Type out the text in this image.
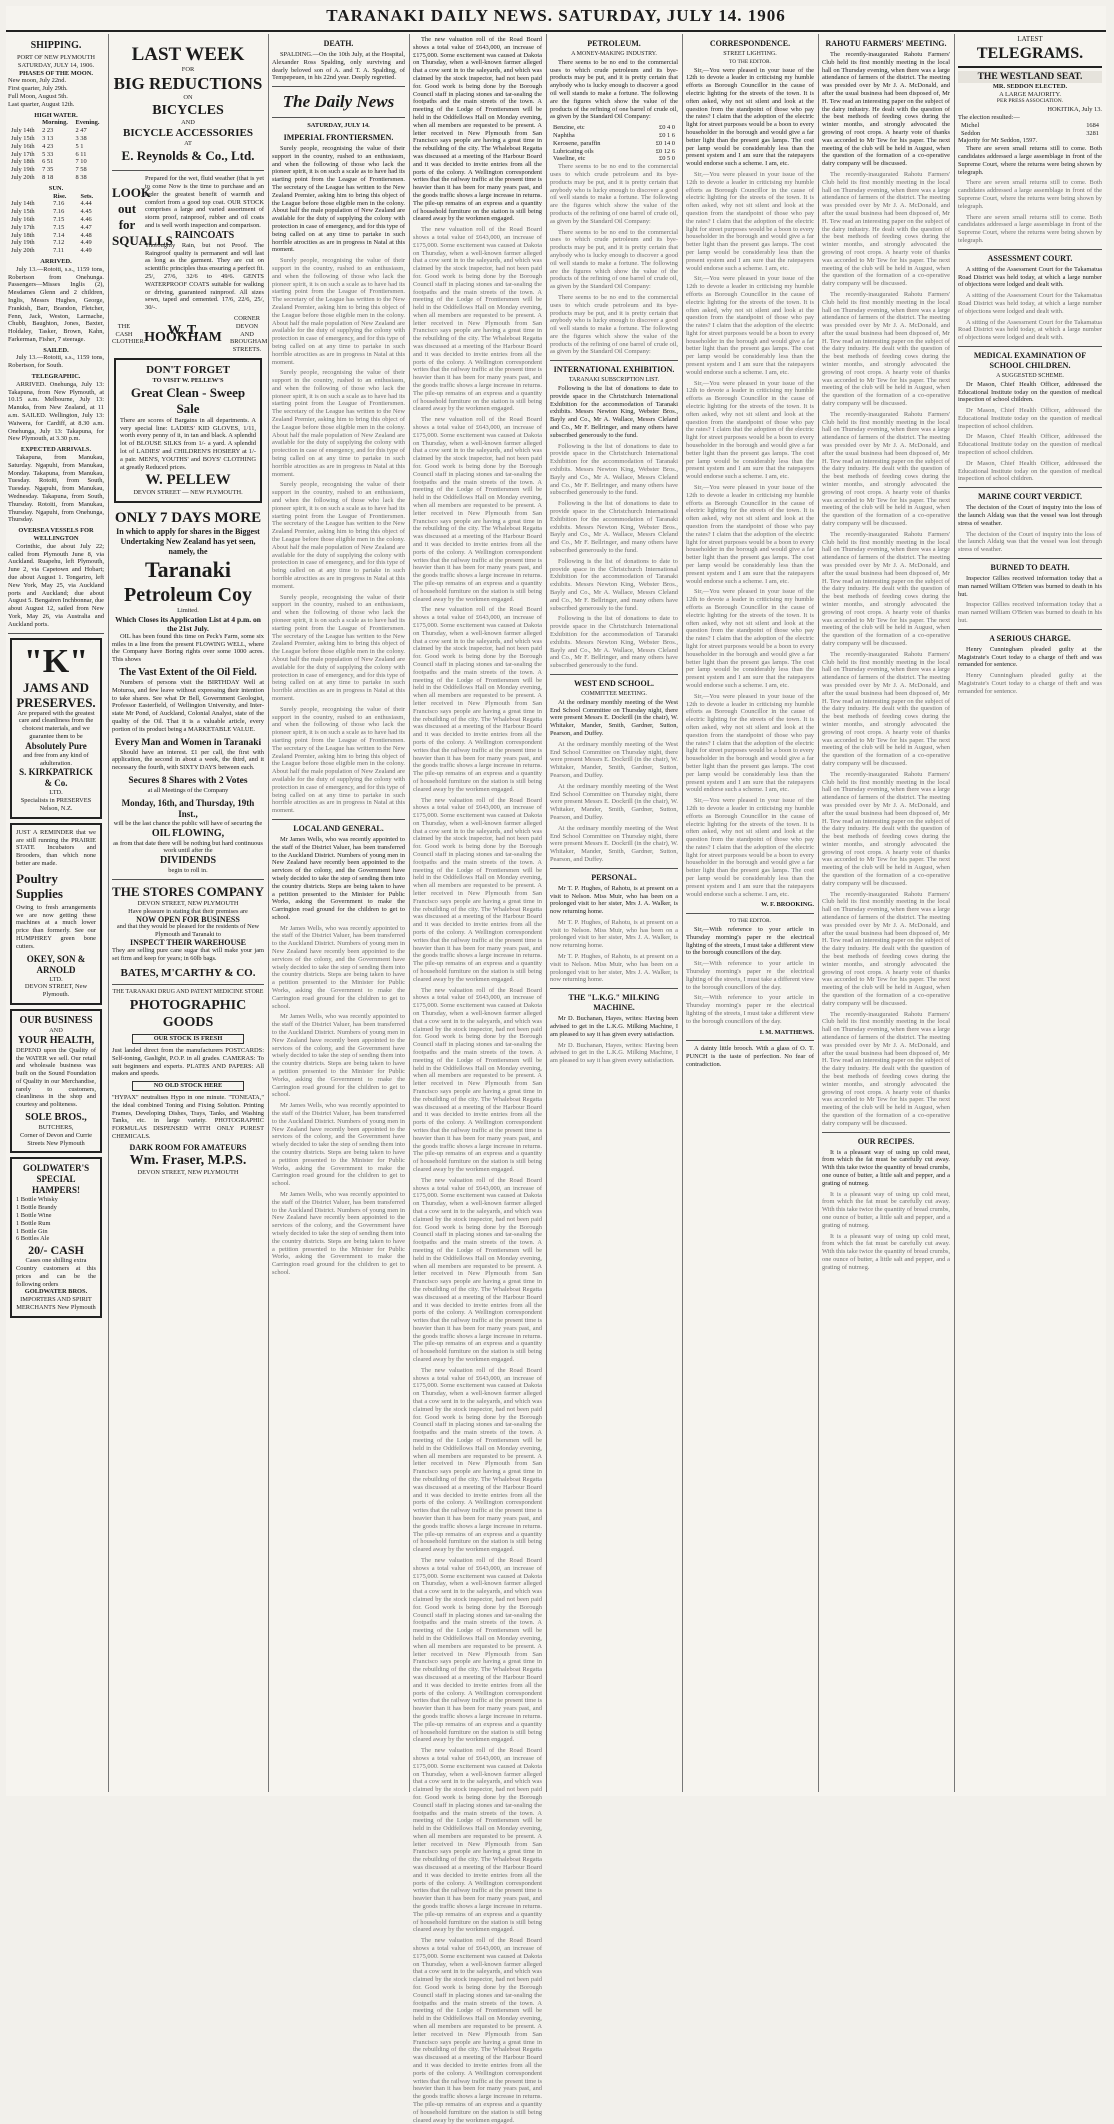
TARANAKI DAILY NEWS. SATURDAY, JULY 14. 1906
SHIPPING.
PORT OF NEW PLYMOUTH
SATURDAY, JULY 14, 1906.
PHASES OF THE MOON.
New moon, July 22nd.
First quarter, July 29th.
Full Moon, August 5th.
Last quarter, August 12th.
HIGH WATER.
	Morning.	Evening.
July 14th	2 23	2 47
July 15th	3 13	3 38
July 16th	4 23	5 1
July 17th	5 33	6 11
July 18th	6 51	7 10
July 19th	7 35	7 58
July 20th	8 18	8 38
SUN.
	Rise.	Sets.
July 14th	7.16	4.44
July 15th	7.16	4.45
July 16th	7.15	4.46
July 17th	7.15	4.47
July 18th	7.14	4.48
July 19th	7.12	4.49
July 20th	7.11	4.49
ARRIVED.

July 13.—Rotoiti, s.s., 1159 tons, Robertson from Onehunga. Passengers—Misses Inglis (2), Mesdames Glenn and 2 children, Inglis, Messrs Hughes, George, Frankish, Barr, Brandon, Fletcher, Fenn, Jack, Weston, Larmache, Chubb, Baughton, Jones, Baxter, Holdaley, Tasker, Brown, Kahn, Farkerman, Fisher, 7 steerage.

SAILED.

July 13.—Rotoiti, s.s., 1159 tons, Robertson, for South.

TELEGRAPHIC.

ARRIVED. Onehunga, July 13: Takapuna, from New Plymouth, at 10.15 a.m. Melbourne, July 13: Manuka, from New Zealand, at 11 a.m. SAILED. Wellington, July 13: Waiwera, for Cardiff, at 8.30 a.m. Onehunga, July 13: Takapuna, for New Plymouth, at 3.30 p.m.

EXPECTED ARRIVALS.

Takapuna, from Manukau, Saturday. Ngapuhi, from Manukau, Monday. Takapuna, from Manukau, Tuesday. Rotoiti, from South, Tuesday. Ngapuhi, from Manukau, Wednesday. Takapuna, from South, Thursday. Rotoiti, from Manukau, Thursday. Ngapuhi, from Onehunga, Thursday.

OVERSEA VESSELS FOR WELLINGTON

Corinthic, due about July 22; called from Plymouth June 8, via Auckland. Ruapehu, left Plymouth, June 2, via Capetown and Hobart; due about August 1. Tongariro, left New York, May 25, via Auckland ports and Auckland; due about August 5. Bengairen Inchbonnar, due about August 12, sailed from New York, May 26, via Australia and Auckland ports.

"K"
JAMS AND PRESERVES.
Are prepared with the greatest care and cleanliness from the choicest materials, and we guarantee them to be
Absolutely Pure
and free from any kind of adulteration.
S. KIRKPATRICK & Co.
LTD.
Specialists in PRESERVES Nelson, N.Z.
JUST A REMINDER that we are still running the PRAIRIE STATE Incubators and Brooders, than which none better are made.
Poultry Supplies
Owing to fresh arrangements we are now getting these machines at a much lower price than formerly. See our HUMPHREY green bone cutters.
OKEY, SON & ARNOLD
LTD.
DEVON STREET, New Plymouth.
OUR BUSINESS
AND
YOUR HEALTH,
DEPEND upon the Quality of the WATER we sell. Our retail and wholesale business was built on the Sound Foundation of Quality in our Merchandise, rarely to customers, cleanliness in the shop and courtesy and politeness.
SOLE BROS.,
BUTCHERS,
Corner of Devon and Currie Streets New Plymouth
GOLDWATER'S
SPECIAL
HAMPERS!
1 Bottle Whisky
1 Bottle Brandy
1 Bottle Wine
1 Bottle Rum
1 Bottle Gin
6 Bottles Ale
20/- CASH
Cases one shilling extra
Country customers at this prices and can be the following orders
GOLDWATER BROS.
IMPORTERS AND SPIRIT MERCHANTS New Plymouth
LAST WEEK
FOR
BIG REDUCTIONS
ON
BICYCLES
AND
BICYCLE ACCESSORIES
AT
E. Reynolds & Co., Ltd.
LOOK out for SQUALLS
Prepared for the wet, fluid weather (that is yet to come Now is the time to purchase and an order the greatest benefit of warmth and comfort from a good top coat. OUR STOCK comprises a large and varied assortment of storm proof, rainproof, rubber and oil coats and is well worth inspection and comparison.
RAINCOATS
Thoroughly Rain, but not Proof. The Raingroof quality is permanent and will last as long as the garment. They are cut on scientific principles thus ensuring a perfect fit. 25/, 27/6, 32/6 to 49/6. GENTS WATERPROOF COATS suitable for walking or driving, guaranteed rainproof. All sizes sewn, taped and cemented. 17/6, 22/6, 25/, 30/-.
THE CASH CLOTHIER.
W. T. HOOKHAM
CORNER DEVON AND BROUGHAM STREETS.
DON'T FORGET
TO VISIT W. PELLEW'S
Great Clean - Sweep Sale
There are scores of Bargains in all departments. A very special line: LADIES' KID GLOVES, 1/11, worth every penny of it, in tan and black. A splendid lot of BLOUSE SILKS from 1/- a yard. A splendid lot of LADIES' and CHILDREN'S HOSIERY at 1/- a pair. MEN'S, YOUTHS' and BOYS' CLOTHING at greatly Reduced prices.
W. PELLEW
DEVON STREET — NEW PLYMOUTH.
ONLY 7 DAYS MORE
In which to apply for shares in the Biggest Undertaking New Zealand has yet seen, namely, the
Taranaki
Petroleum Coy
Limited.
Which Closes its Application List at 4 p.m. on the 21st July.

OIL has been found this time on Peck's Farm, some six miles in a line from the present FLOWING WELL, where the Company have Boring rights over some 1000 acres. This shows

The Vast Extent of the Oil Field.

Numbers of persons visit the BIRTHDAY Well at Moturoa, and few leave without expressing their intention to take shares. See what Dr Bell, Government Geologist, Professor Easterfield, of Wellington University, and Inter-state Mr Pond, of Auckland, Colonial Analyst, state of the quality of the Oil. That it is a valuable article, every portion of its product being a MARKETABLE VALUE.

Every Man and Women in Taranaki

Should have an interest. £1 per call, the first with application, the second in about a week, the third, and it necessary the fourth, with SIXTY DAYS between each.

Secures 8 Shares with 2 Votes
at all Meetings of the Company
Monday, 16th, and Thursday, 19th Inst.,
will be the last chance the public will have of securing the
OIL FLOWING,
as from that date there will be nothing but hard continuous work until after the
DIVIDENDS
begin to roll in.
THE STORES COMPANY
DEVON STREET, NEW PLYMOUTH
Have pleasure in stating that their premises are
NOW OPEN FOR BUSINESS
and that they would be pleased for the residents of New Plymouth and Taranaki to
INSPECT THEIR WAREHOUSE
They are selling pure cane sugar that will make your jam set firm and keep for years; in 60lb bags.
BATES, M'CARTHY & CO.
THE TARANAKI DRUG AND PATENT MEDICINE STORE
PHOTOGRAPHIC GOODS
OUR STOCK IS FRESH
Just landed direct from the manufacturers POSTCARDS: Self-toning, Gaslight, P.O.P. in all grades. CAMERAS: To suit beginners and experts. PLATES AND PAPERS: All makes and speeds.
NO OLD STOCK HERE
"HYPAX" neutralises Hypo in one minute. "TONEATA," the ideal combined Toning and Fixing Solution. Printing Frames, Developing Dishes, Trays, Tanks, and Washing Tanks, etc. in large variety. PHOTOGRAPHIC FORMULAS DISPENSED WITH ONLY PUREST CHEMICALS.
DARK ROOM FOR AMATEURS
Wm. Fraser, M.P.S.
DEVON STREET, NEW PLYMOUTH
DEATH.

SPALDING.—On the 10th July, at the Hospital, Alexander Ross Spalding, only surviving and dearly beloved son of A. and T. A. Spalding, of Tempepeuen, in his 22nd year. Deeply regretted.

The Daily News
SATURDAY, JULY 14.
IMPERIAL FRONTIERSMEN.

Surely people, recognising the value of their support in the country, rushed to an enthusiasm, and when the following of those who lack the pioneer spirit, it is on such a scale as to have had its starting point from the League of Frontiersmen. The secretary of the League has written to the New Zealand Premier, asking him to bring this object of the League before those eligible men in the colony. About half the male population of New Zealand are available for the duty of supplying the colony with protection in case of emergency, and for this type of being called on at any time to partake in such horrible atrocities as are in progress in Natal at this moment.

Surely people, recognising the value of their support in the country, rushed to an enthusiasm, and when the following of those who lack the pioneer spirit, it is on such a scale as to have had its starting point from the League of Frontiersmen. The secretary of the League has written to the New Zealand Premier, asking him to bring this object of the League before those eligible men in the colony. About half the male population of New Zealand are available for the duty of supplying the colony with protection in case of emergency, and for this type of being called on at any time to partake in such horrible atrocities as are in progress in Natal at this moment.

Surely people, recognising the value of their support in the country, rushed to an enthusiasm, and when the following of those who lack the pioneer spirit, it is on such a scale as to have had its starting point from the League of Frontiersmen. The secretary of the League has written to the New Zealand Premier, asking him to bring this object of the League before those eligible men in the colony. About half the male population of New Zealand are available for the duty of supplying the colony with protection in case of emergency, and for this type of being called on at any time to partake in such horrible atrocities as are in progress in Natal at this moment.

Surely people, recognising the value of their support in the country, rushed to an enthusiasm, and when the following of those who lack the pioneer spirit, it is on such a scale as to have had its starting point from the League of Frontiersmen. The secretary of the League has written to the New Zealand Premier, asking him to bring this object of the League before those eligible men in the colony. About half the male population of New Zealand are available for the duty of supplying the colony with protection in case of emergency, and for this type of being called on at any time to partake in such horrible atrocities as are in progress in Natal at this moment.

Surely people, recognising the value of their support in the country, rushed to an enthusiasm, and when the following of those who lack the pioneer spirit, it is on such a scale as to have had its starting point from the League of Frontiersmen. The secretary of the League has written to the New Zealand Premier, asking him to bring this object of the League before those eligible men in the colony. About half the male population of New Zealand are available for the duty of supplying the colony with protection in case of emergency, and for this type of being called on at any time to partake in such horrible atrocities as are in progress in Natal at this moment.

Surely people, recognising the value of their support in the country, rushed to an enthusiasm, and when the following of those who lack the pioneer spirit, it is on such a scale as to have had its starting point from the League of Frontiersmen. The secretary of the League has written to the New Zealand Premier, asking him to bring this object of the League before those eligible men in the colony. About half the male population of New Zealand are available for the duty of supplying the colony with protection in case of emergency, and for this type of being called on at any time to partake in such horrible atrocities as are in progress in Natal at this moment.

LOCAL AND GENERAL.

Mr James Wells, who was recently appointed to the staff of the District Valuer, has been transferred to the Auckland District. Numbers of young men in New Zealand have recently been appointed to the services of the colony, and the Government have wisely decided to take the step of sending them into the country districts. Steps are being taken to have a petition presented to the Minister for Public Works, asking the Government to make the Carrington road ground for the children to get to school.

Mr James Wells, who was recently appointed to the staff of the District Valuer, has been transferred to the Auckland District. Numbers of young men in New Zealand have recently been appointed to the services of the colony, and the Government have wisely decided to take the step of sending them into the country districts. Steps are being taken to have a petition presented to the Minister for Public Works, asking the Government to make the Carrington road ground for the children to get to school.

Mr James Wells, who was recently appointed to the staff of the District Valuer, has been transferred to the Auckland District. Numbers of young men in New Zealand have recently been appointed to the services of the colony, and the Government have wisely decided to take the step of sending them into the country districts. Steps are being taken to have a petition presented to the Minister for Public Works, asking the Government to make the Carrington road ground for the children to get to school.

Mr James Wells, who was recently appointed to the staff of the District Valuer, has been transferred to the Auckland District. Numbers of young men in New Zealand have recently been appointed to the services of the colony, and the Government have wisely decided to take the step of sending them into the country districts. Steps are being taken to have a petition presented to the Minister for Public Works, asking the Government to make the Carrington road ground for the children to get to school.

Mr James Wells, who was recently appointed to the staff of the District Valuer, has been transferred to the Auckland District. Numbers of young men in New Zealand have recently been appointed to the services of the colony, and the Government have wisely decided to take the step of sending them into the country districts. Steps are being taken to have a petition presented to the Minister for Public Works, asking the Government to make the Carrington road ground for the children to get to school.

The new valuation roll of the Road Board shows a total value of £643,000, an increase of £175,000. Some excitement was caused at Dakota on Thursday, when a well-known farmer alleged that a cow sent in to the saleyards, and which was claimed by the stock inspector, had not been paid for. Good work is being done by the Borough Council staff in placing stones and tar-sealing the footpaths and the main streets of the town. A meeting of the Lodge of Frontiersmen will be held in the Oddfellows Hall on Monday evening, when all members are requested to be present. A letter received in New Plymouth from San Francisco says people are having a great time in the rebuilding of the city. The Whaleboat Regatta was discussed at a meeting of the Harbour Board and it was decided to invite entries from all the ports of the colony. A Wellington correspondent writes that the railway traffic at the present time is heavier than it has been for many years past, and the goods traffic shows a large increase in returns. The pile-up remains of an express and a quantity of household furniture on the station is still being cleared away by the workmen engaged.

The new valuation roll of the Road Board shows a total value of £643,000, an increase of £175,000. Some excitement was caused at Dakota on Thursday, when a well-known farmer alleged that a cow sent in to the saleyards, and which was claimed by the stock inspector, had not been paid for. Good work is being done by the Borough Council staff in placing stones and tar-sealing the footpaths and the main streets of the town. A meeting of the Lodge of Frontiersmen will be held in the Oddfellows Hall on Monday evening, when all members are requested to be present. A letter received in New Plymouth from San Francisco says people are having a great time in the rebuilding of the city. The Whaleboat Regatta was discussed at a meeting of the Harbour Board and it was decided to invite entries from all the ports of the colony. A Wellington correspondent writes that the railway traffic at the present time is heavier than it has been for many years past, and the goods traffic shows a large increase in returns. The pile-up remains of an express and a quantity of household furniture on the station is still being cleared away by the workmen engaged.

The new valuation roll of the Road Board shows a total value of £643,000, an increase of £175,000. Some excitement was caused at Dakota on Thursday, when a well-known farmer alleged that a cow sent in to the saleyards, and which was claimed by the stock inspector, had not been paid for. Good work is being done by the Borough Council staff in placing stones and tar-sealing the footpaths and the main streets of the town. A meeting of the Lodge of Frontiersmen will be held in the Oddfellows Hall on Monday evening, when all members are requested to be present. A letter received in New Plymouth from San Francisco says people are having a great time in the rebuilding of the city. The Whaleboat Regatta was discussed at a meeting of the Harbour Board and it was decided to invite entries from all the ports of the colony. A Wellington correspondent writes that the railway traffic at the present time is heavier than it has been for many years past, and the goods traffic shows a large increase in returns. The pile-up remains of an express and a quantity of household furniture on the station is still being cleared away by the workmen engaged.

The new valuation roll of the Road Board shows a total value of £643,000, an increase of £175,000. Some excitement was caused at Dakota on Thursday, when a well-known farmer alleged that a cow sent in to the saleyards, and which was claimed by the stock inspector, had not been paid for. Good work is being done by the Borough Council staff in placing stones and tar-sealing the footpaths and the main streets of the town. A meeting of the Lodge of Frontiersmen will be held in the Oddfellows Hall on Monday evening, when all members are requested to be present. A letter received in New Plymouth from San Francisco says people are having a great time in the rebuilding of the city. The Whaleboat Regatta was discussed at a meeting of the Harbour Board and it was decided to invite entries from all the ports of the colony. A Wellington correspondent writes that the railway traffic at the present time is heavier than it has been for many years past, and the goods traffic shows a large increase in returns. The pile-up remains of an express and a quantity of household furniture on the station is still being cleared away by the workmen engaged.

The new valuation roll of the Road Board shows a total value of £643,000, an increase of £175,000. Some excitement was caused at Dakota on Thursday, when a well-known farmer alleged that a cow sent in to the saleyards, and which was claimed by the stock inspector, had not been paid for. Good work is being done by the Borough Council staff in placing stones and tar-sealing the footpaths and the main streets of the town. A meeting of the Lodge of Frontiersmen will be held in the Oddfellows Hall on Monday evening, when all members are requested to be present. A letter received in New Plymouth from San Francisco says people are having a great time in the rebuilding of the city. The Whaleboat Regatta was discussed at a meeting of the Harbour Board and it was decided to invite entries from all the ports of the colony. A Wellington correspondent writes that the railway traffic at the present time is heavier than it has been for many years past, and the goods traffic shows a large increase in returns. The pile-up remains of an express and a quantity of household furniture on the station is still being cleared away by the workmen engaged.

The new valuation roll of the Road Board shows a total value of £643,000, an increase of £175,000. Some excitement was caused at Dakota on Thursday, when a well-known farmer alleged that a cow sent in to the saleyards, and which was claimed by the stock inspector, had not been paid for. Good work is being done by the Borough Council staff in placing stones and tar-sealing the footpaths and the main streets of the town. A meeting of the Lodge of Frontiersmen will be held in the Oddfellows Hall on Monday evening, when all members are requested to be present. A letter received in New Plymouth from San Francisco says people are having a great time in the rebuilding of the city. The Whaleboat Regatta was discussed at a meeting of the Harbour Board and it was decided to invite entries from all the ports of the colony. A Wellington correspondent writes that the railway traffic at the present time is heavier than it has been for many years past, and the goods traffic shows a large increase in returns. The pile-up remains of an express and a quantity of household furniture on the station is still being cleared away by the workmen engaged.

The new valuation roll of the Road Board shows a total value of £643,000, an increase of £175,000. Some excitement was caused at Dakota on Thursday, when a well-known farmer alleged that a cow sent in to the saleyards, and which was claimed by the stock inspector, had not been paid for. Good work is being done by the Borough Council staff in placing stones and tar-sealing the footpaths and the main streets of the town. A meeting of the Lodge of Frontiersmen will be held in the Oddfellows Hall on Monday evening, when all members are requested to be present. A letter received in New Plymouth from San Francisco says people are having a great time in the rebuilding of the city. The Whaleboat Regatta was discussed at a meeting of the Harbour Board and it was decided to invite entries from all the ports of the colony. A Wellington correspondent writes that the railway traffic at the present time is heavier than it has been for many years past, and the goods traffic shows a large increase in returns. The pile-up remains of an express and a quantity of household furniture on the station is still being cleared away by the workmen engaged.

The new valuation roll of the Road Board shows a total value of £643,000, an increase of £175,000. Some excitement was caused at Dakota on Thursday, when a well-known farmer alleged that a cow sent in to the saleyards, and which was claimed by the stock inspector, had not been paid for. Good work is being done by the Borough Council staff in placing stones and tar-sealing the footpaths and the main streets of the town. A meeting of the Lodge of Frontiersmen will be held in the Oddfellows Hall on Monday evening, when all members are requested to be present. A letter received in New Plymouth from San Francisco says people are having a great time in the rebuilding of the city. The Whaleboat Regatta was discussed at a meeting of the Harbour Board and it was decided to invite entries from all the ports of the colony. A Wellington correspondent writes that the railway traffic at the present time is heavier than it has been for many years past, and the goods traffic shows a large increase in returns. The pile-up remains of an express and a quantity of household furniture on the station is still being cleared away by the workmen engaged.

The new valuation roll of the Road Board shows a total value of £643,000, an increase of £175,000. Some excitement was caused at Dakota on Thursday, when a well-known farmer alleged that a cow sent in to the saleyards, and which was claimed by the stock inspector, had not been paid for. Good work is being done by the Borough Council staff in placing stones and tar-sealing the footpaths and the main streets of the town. A meeting of the Lodge of Frontiersmen will be held in the Oddfellows Hall on Monday evening, when all members are requested to be present. A letter received in New Plymouth from San Francisco says people are having a great time in the rebuilding of the city. The Whaleboat Regatta was discussed at a meeting of the Harbour Board and it was decided to invite entries from all the ports of the colony. A Wellington correspondent writes that the railway traffic at the present time is heavier than it has been for many years past, and the goods traffic shows a large increase in returns. The pile-up remains of an express and a quantity of household furniture on the station is still being cleared away by the workmen engaged.

The new valuation roll of the Road Board shows a total value of £643,000, an increase of £175,000. Some excitement was caused at Dakota on Thursday, when a well-known farmer alleged that a cow sent in to the saleyards, and which was claimed by the stock inspector, had not been paid for. Good work is being done by the Borough Council staff in placing stones and tar-sealing the footpaths and the main streets of the town. A meeting of the Lodge of Frontiersmen will be held in the Oddfellows Hall on Monday evening, when all members are requested to be present. A letter received in New Plymouth from San Francisco says people are having a great time in the rebuilding of the city. The Whaleboat Regatta was discussed at a meeting of the Harbour Board and it was decided to invite entries from all the ports of the colony. A Wellington correspondent writes that the railway traffic at the present time is heavier than it has been for many years past, and the goods traffic shows a large increase in returns. The pile-up remains of an express and a quantity of household furniture on the station is still being cleared away by the workmen engaged.

The new valuation roll of the Road Board shows a total value of £643,000, an increase of £175,000. Some excitement was caused at Dakota on Thursday, when a well-known farmer alleged that a cow sent in to the saleyards, and which was claimed by the stock inspector, had not been paid for. Good work is being done by the Borough Council staff in placing stones and tar-sealing the footpaths and the main streets of the town. A meeting of the Lodge of Frontiersmen will be held in the Oddfellows Hall on Monday evening, when all members are requested to be present. A letter received in New Plymouth from San Francisco says people are having a great time in the rebuilding of the city. The Whaleboat Regatta was discussed at a meeting of the Harbour Board and it was decided to invite entries from all the ports of the colony. A Wellington correspondent writes that the railway traffic at the present time is heavier than it has been for many years past, and the goods traffic shows a large increase in returns. The pile-up remains of an express and a quantity of household furniture on the station is still being cleared away by the workmen engaged.

PETROLEUM.
A MONEY-MAKING INDUSTRY.

There seems to be no end to the commercial uses to which crude petroleum and its bye-products may be put, and it is pretty certain that anybody who is lucky enough to discover a good oil well stands to make a fortune. The following are the figures which show the value of the products of the refining of one barrel of crude oil, as given by the Standard Oil Company:

Benzine, etc	£0 4 0
Naphtha	£0 1 6
Kerosene, paraffin	£0 14 0
Lubricating oils	£0 12 6
Vaseline, etc	£0 5 0

There seems to be no end to the commercial uses to which crude petroleum and its bye-products may be put, and it is pretty certain that anybody who is lucky enough to discover a good oil well stands to make a fortune. The following are the figures which show the value of the products of the refining of one barrel of crude oil, as given by the Standard Oil Company:

There seems to be no end to the commercial uses to which crude petroleum and its bye-products may be put, and it is pretty certain that anybody who is lucky enough to discover a good oil well stands to make a fortune. The following are the figures which show the value of the products of the refining of one barrel of crude oil, as given by the Standard Oil Company:

There seems to be no end to the commercial uses to which crude petroleum and its bye-products may be put, and it is pretty certain that anybody who is lucky enough to discover a good oil well stands to make a fortune. The following are the figures which show the value of the products of the refining of one barrel of crude oil, as given by the Standard Oil Company:

INTERNATIONAL EXHIBITION.
TARANAKI SUBSCRIPTION LIST.

Following is the list of donations to date to provide space in the Christchurch International Exhibition for the accommodation of Taranaki exhibits. Messrs Newton King, Webster Bros., Bayly and Co., Mr A. Wallace, Messrs Cleland and Co., Mr F. Bellringer, and many others have subscribed generously to the fund.

Following is the list of donations to date to provide space in the Christchurch International Exhibition for the accommodation of Taranaki exhibits. Messrs Newton King, Webster Bros., Bayly and Co., Mr A. Wallace, Messrs Cleland and Co., Mr F. Bellringer, and many others have subscribed generously to the fund.

Following is the list of donations to date to provide space in the Christchurch International Exhibition for the accommodation of Taranaki exhibits. Messrs Newton King, Webster Bros., Bayly and Co., Mr A. Wallace, Messrs Cleland and Co., Mr F. Bellringer, and many others have subscribed generously to the fund.

Following is the list of donations to date to provide space in the Christchurch International Exhibition for the accommodation of Taranaki exhibits. Messrs Newton King, Webster Bros., Bayly and Co., Mr A. Wallace, Messrs Cleland and Co., Mr F. Bellringer, and many others have subscribed generously to the fund.

Following is the list of donations to date to provide space in the Christchurch International Exhibition for the accommodation of Taranaki exhibits. Messrs Newton King, Webster Bros., Bayly and Co., Mr A. Wallace, Messrs Cleland and Co., Mr F. Bellringer, and many others have subscribed generously to the fund.

WEST END SCHOOL.
COMMITTEE MEETING.

At the ordinary monthly meeting of the West End School Committee on Thursday night, there were present Messrs E. Dockrill (in the chair), W. Whitaker, Mander, Smith, Gardner, Sutton, Pearson, and Duffey.

At the ordinary monthly meeting of the West End School Committee on Thursday night, there were present Messrs E. Dockrill (in the chair), W. Whitaker, Mander, Smith, Gardner, Sutton, Pearson, and Duffey.

At the ordinary monthly meeting of the West End School Committee on Thursday night, there were present Messrs E. Dockrill (in the chair), W. Whitaker, Mander, Smith, Gardner, Sutton, Pearson, and Duffey.

At the ordinary monthly meeting of the West End School Committee on Thursday night, there were present Messrs E. Dockrill (in the chair), W. Whitaker, Mander, Smith, Gardner, Sutton, Pearson, and Duffey.

PERSONAL.

Mr T. P. Hughes, of Rahotu, is at present on a visit to Nelson. Miss Muir, who has been on a prolonged visit to her sister, Mrs J. A. Walker, is now returning home.

Mr T. P. Hughes, of Rahotu, is at present on a visit to Nelson. Miss Muir, who has been on a prolonged visit to her sister, Mrs J. A. Walker, is now returning home.

Mr T. P. Hughes, of Rahotu, is at present on a visit to Nelson. Miss Muir, who has been on a prolonged visit to her sister, Mrs J. A. Walker, is now returning home.

THE "L.K.G." MILKING MACHINE.

Mr D. Buchanan, Hayes, writes: Having been advised to get in the L.K.G. Milking Machine, I am pleased to say it has given every satisfaction.

Mr D. Buchanan, Hayes, writes: Having been advised to get in the L.K.G. Milking Machine, I am pleased to say it has given every satisfaction.

CORRESPONDENCE.
STREET LIGHTING.
TO THE EDITOR.

Sir,—You were pleased in your issue of the 12th to devote a leader in criticising my humble efforts as Borough Councillor in the cause of electric lighting for the streets of the town. It is often asked, why not sit silent and look at the question from the standpoint of those who pay the rates? I claim that the adoption of the electric light for street purposes would be a boon to every householder in the borough and would give a far better light than the present gas lamps. The cost per lamp would be considerably less than the present system and I am sure that the ratepayers would endorse such a scheme. I am, etc.

Sir,—You were pleased in your issue of the 12th to devote a leader in criticising my humble efforts as Borough Councillor in the cause of electric lighting for the streets of the town. It is often asked, why not sit silent and look at the question from the standpoint of those who pay the rates? I claim that the adoption of the electric light for street purposes would be a boon to every householder in the borough and would give a far better light than the present gas lamps. The cost per lamp would be considerably less than the present system and I am sure that the ratepayers would endorse such a scheme. I am, etc.

Sir,—You were pleased in your issue of the 12th to devote a leader in criticising my humble efforts as Borough Councillor in the cause of electric lighting for the streets of the town. It is often asked, why not sit silent and look at the question from the standpoint of those who pay the rates? I claim that the adoption of the electric light for street purposes would be a boon to every householder in the borough and would give a far better light than the present gas lamps. The cost per lamp would be considerably less than the present system and I am sure that the ratepayers would endorse such a scheme. I am, etc.

Sir,—You were pleased in your issue of the 12th to devote a leader in criticising my humble efforts as Borough Councillor in the cause of electric lighting for the streets of the town. It is often asked, why not sit silent and look at the question from the standpoint of those who pay the rates? I claim that the adoption of the electric light for street purposes would be a boon to every householder in the borough and would give a far better light than the present gas lamps. The cost per lamp would be considerably less than the present system and I am sure that the ratepayers would endorse such a scheme. I am, etc.

Sir,—You were pleased in your issue of the 12th to devote a leader in criticising my humble efforts as Borough Councillor in the cause of electric lighting for the streets of the town. It is often asked, why not sit silent and look at the question from the standpoint of those who pay the rates? I claim that the adoption of the electric light for street purposes would be a boon to every householder in the borough and would give a far better light than the present gas lamps. The cost per lamp would be considerably less than the present system and I am sure that the ratepayers would endorse such a scheme. I am, etc.

Sir,—You were pleased in your issue of the 12th to devote a leader in criticising my humble efforts as Borough Councillor in the cause of electric lighting for the streets of the town. It is often asked, why not sit silent and look at the question from the standpoint of those who pay the rates? I claim that the adoption of the electric light for street purposes would be a boon to every householder in the borough and would give a far better light than the present gas lamps. The cost per lamp would be considerably less than the present system and I am sure that the ratepayers would endorse such a scheme. I am, etc.

Sir,—You were pleased in your issue of the 12th to devote a leader in criticising my humble efforts as Borough Councillor in the cause of electric lighting for the streets of the town. It is often asked, why not sit silent and look at the question from the standpoint of those who pay the rates? I claim that the adoption of the electric light for street purposes would be a boon to every householder in the borough and would give a far better light than the present gas lamps. The cost per lamp would be considerably less than the present system and I am sure that the ratepayers would endorse such a scheme. I am, etc.

Sir,—You were pleased in your issue of the 12th to devote a leader in criticising my humble efforts as Borough Councillor in the cause of electric lighting for the streets of the town. It is often asked, why not sit silent and look at the question from the standpoint of those who pay the rates? I claim that the adoption of the electric light for street purposes would be a boon to every householder in the borough and would give a far better light than the present gas lamps. The cost per lamp would be considerably less than the present system and I am sure that the ratepayers would endorse such a scheme. I am, etc.

W. F. BROOKING.
TO THE EDITOR.

Sir,—With reference to your article in Thursday morning's paper re the electrical lighting of the streets, I must take a different view to the borough councillors of the day.

Sir,—With reference to your article in Thursday morning's paper re the electrical lighting of the streets, I must take a different view to the borough councillors of the day.

Sir,—With reference to your article in Thursday morning's paper re the electrical lighting of the streets, I must take a different view to the borough councillors of the day.

I. M. MATTHEWS.

A dainty little brooch. With a glass of O. T. PUNCH is the taste of perfection. No fear of contradiction.

RAHOTU FARMERS' MEETING.

The recently-inaugurated Rahotu Farmers' Club held its first monthly meeting in the local hall on Thursday evening, when there was a large attendance of farmers of the district. The meeting was presided over by Mr J. A. McDonald, and after the usual business had been disposed of, Mr H. Tew read an interesting paper on the subject of the dairy industry. He dealt with the question of the best methods of feeding cows during the winter months, and strongly advocated the growing of root crops. A hearty vote of thanks was accorded to Mr Tew for his paper. The next meeting of the club will be held in August, when the question of the formation of a co-operative dairy company will be discussed.

The recently-inaugurated Rahotu Farmers' Club held its first monthly meeting in the local hall on Thursday evening, when there was a large attendance of farmers of the district. The meeting was presided over by Mr J. A. McDonald, and after the usual business had been disposed of, Mr H. Tew read an interesting paper on the subject of the dairy industry. He dealt with the question of the best methods of feeding cows during the winter months, and strongly advocated the growing of root crops. A hearty vote of thanks was accorded to Mr Tew for his paper. The next meeting of the club will be held in August, when the question of the formation of a co-operative dairy company will be discussed.

The recently-inaugurated Rahotu Farmers' Club held its first monthly meeting in the local hall on Thursday evening, when there was a large attendance of farmers of the district. The meeting was presided over by Mr J. A. McDonald, and after the usual business had been disposed of, Mr H. Tew read an interesting paper on the subject of the dairy industry. He dealt with the question of the best methods of feeding cows during the winter months, and strongly advocated the growing of root crops. A hearty vote of thanks was accorded to Mr Tew for his paper. The next meeting of the club will be held in August, when the question of the formation of a co-operative dairy company will be discussed.

The recently-inaugurated Rahotu Farmers' Club held its first monthly meeting in the local hall on Thursday evening, when there was a large attendance of farmers of the district. The meeting was presided over by Mr J. A. McDonald, and after the usual business had been disposed of, Mr H. Tew read an interesting paper on the subject of the dairy industry. He dealt with the question of the best methods of feeding cows during the winter months, and strongly advocated the growing of root crops. A hearty vote of thanks was accorded to Mr Tew for his paper. The next meeting of the club will be held in August, when the question of the formation of a co-operative dairy company will be discussed.

The recently-inaugurated Rahotu Farmers' Club held its first monthly meeting in the local hall on Thursday evening, when there was a large attendance of farmers of the district. The meeting was presided over by Mr J. A. McDonald, and after the usual business had been disposed of, Mr H. Tew read an interesting paper on the subject of the dairy industry. He dealt with the question of the best methods of feeding cows during the winter months, and strongly advocated the growing of root crops. A hearty vote of thanks was accorded to Mr Tew for his paper. The next meeting of the club will be held in August, when the question of the formation of a co-operative dairy company will be discussed.

The recently-inaugurated Rahotu Farmers' Club held its first monthly meeting in the local hall on Thursday evening, when there was a large attendance of farmers of the district. The meeting was presided over by Mr J. A. McDonald, and after the usual business had been disposed of, Mr H. Tew read an interesting paper on the subject of the dairy industry. He dealt with the question of the best methods of feeding cows during the winter months, and strongly advocated the growing of root crops. A hearty vote of thanks was accorded to Mr Tew for his paper. The next meeting of the club will be held in August, when the question of the formation of a co-operative dairy company will be discussed.

The recently-inaugurated Rahotu Farmers' Club held its first monthly meeting in the local hall on Thursday evening, when there was a large attendance of farmers of the district. The meeting was presided over by Mr J. A. McDonald, and after the usual business had been disposed of, Mr H. Tew read an interesting paper on the subject of the dairy industry. He dealt with the question of the best methods of feeding cows during the winter months, and strongly advocated the growing of root crops. A hearty vote of thanks was accorded to Mr Tew for his paper. The next meeting of the club will be held in August, when the question of the formation of a co-operative dairy company will be discussed.

The recently-inaugurated Rahotu Farmers' Club held its first monthly meeting in the local hall on Thursday evening, when there was a large attendance of farmers of the district. The meeting was presided over by Mr J. A. McDonald, and after the usual business had been disposed of, Mr H. Tew read an interesting paper on the subject of the dairy industry. He dealt with the question of the best methods of feeding cows during the winter months, and strongly advocated the growing of root crops. A hearty vote of thanks was accorded to Mr Tew for his paper. The next meeting of the club will be held in August, when the question of the formation of a co-operative dairy company will be discussed.

The recently-inaugurated Rahotu Farmers' Club held its first monthly meeting in the local hall on Thursday evening, when there was a large attendance of farmers of the district. The meeting was presided over by Mr J. A. McDonald, and after the usual business had been disposed of, Mr H. Tew read an interesting paper on the subject of the dairy industry. He dealt with the question of the best methods of feeding cows during the winter months, and strongly advocated the growing of root crops. A hearty vote of thanks was accorded to Mr Tew for his paper. The next meeting of the club will be held in August, when the question of the formation of a co-operative dairy company will be discussed.

OUR RECIPES.

It is a pleasant way of using up cold meat, from which the fat must be carefully cut away. With this take twice the quantity of bread crumbs, one ounce of butter, a little salt and pepper, and a grating of nutmeg.

It is a pleasant way of using up cold meat, from which the fat must be carefully cut away. With this take twice the quantity of bread crumbs, one ounce of butter, a little salt and pepper, and a grating of nutmeg.

It is a pleasant way of using up cold meat, from which the fat must be carefully cut away. With this take twice the quantity of bread crumbs, one ounce of butter, a little salt and pepper, and a grating of nutmeg.

LATEST
TELEGRAMS.
THE WESTLAND SEAT.
MR. SEDDON ELECTED.
A LARGE MAJORITY.
PER PRESS ASSOCIATION.
HOKITIKA, July 13.
The election resulted:—
Michel	1684
Seddon	3281
Majority for Mr Seddon, 1597.

There are seven small returns still to come. Both candidates addressed a large assemblage in front of the Supreme Court, where the returns were being shown by telegraph.

There are seven small returns still to come. Both candidates addressed a large assemblage in front of the Supreme Court, where the returns were being shown by telegraph.

There are seven small returns still to come. Both candidates addressed a large assemblage in front of the Supreme Court, where the returns were being shown by telegraph.

ASSESSMENT COURT.

A sitting of the Assessment Court for the Takamatua Road District was held today, at which a large number of objections were lodged and dealt with.

A sitting of the Assessment Court for the Takamatua Road District was held today, at which a large number of objections were lodged and dealt with.

A sitting of the Assessment Court for the Takamatua Road District was held today, at which a large number of objections were lodged and dealt with.

MEDICAL EXAMINATION OF SCHOOL CHILDREN.
A SUGGESTED SCHEME.

Dr Mason, Chief Health Officer, addressed the Educational Institute today on the question of medical inspection of school children.

Dr Mason, Chief Health Officer, addressed the Educational Institute today on the question of medical inspection of school children.

Dr Mason, Chief Health Officer, addressed the Educational Institute today on the question of medical inspection of school children.

Dr Mason, Chief Health Officer, addressed the Educational Institute today on the question of medical inspection of school children.

MARINE COURT VERDICT.

The decision of the Court of inquiry into the loss of the launch Aldaig was that the vessel was lost through stress of weather.

The decision of the Court of inquiry into the loss of the launch Aldaig was that the vessel was lost through stress of weather.

BURNED TO DEATH.

Inspector Gillies received information today that a man named William O'Brien was burned to death in his hut.

Inspector Gillies received information today that a man named William O'Brien was burned to death in his hut.

A SERIOUS CHARGE.

Henry Cunningham pleaded guilty at the Magistrate's Court today to a charge of theft and was remanded for sentence.

Henry Cunningham pleaded guilty at the Magistrate's Court today to a charge of theft and was remanded for sentence.
